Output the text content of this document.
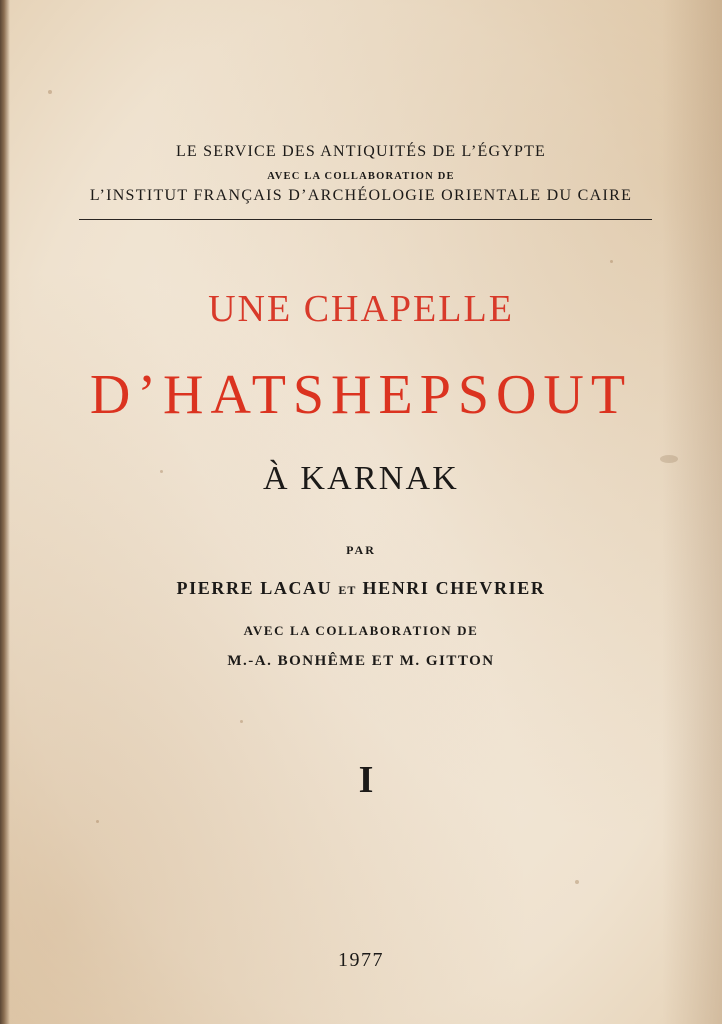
LE SERVICE DES ANTIQUITÉS DE L’ÉGYPTE

AVEC LA COLLABORATION DE

L’INSTITUT FRANÇAIS D’ARCHÉOLOGIE ORIENTALE DU CAIRE

UNE CHAPELLE
D’HATSHEPSOUT
À KARNAK

PAR

PIERRE LACAU ET HENRI CHEVRIER

AVEC LA COLLABORATION DE

M.-A. BONHÊME ET M. GITTON

I

1977
